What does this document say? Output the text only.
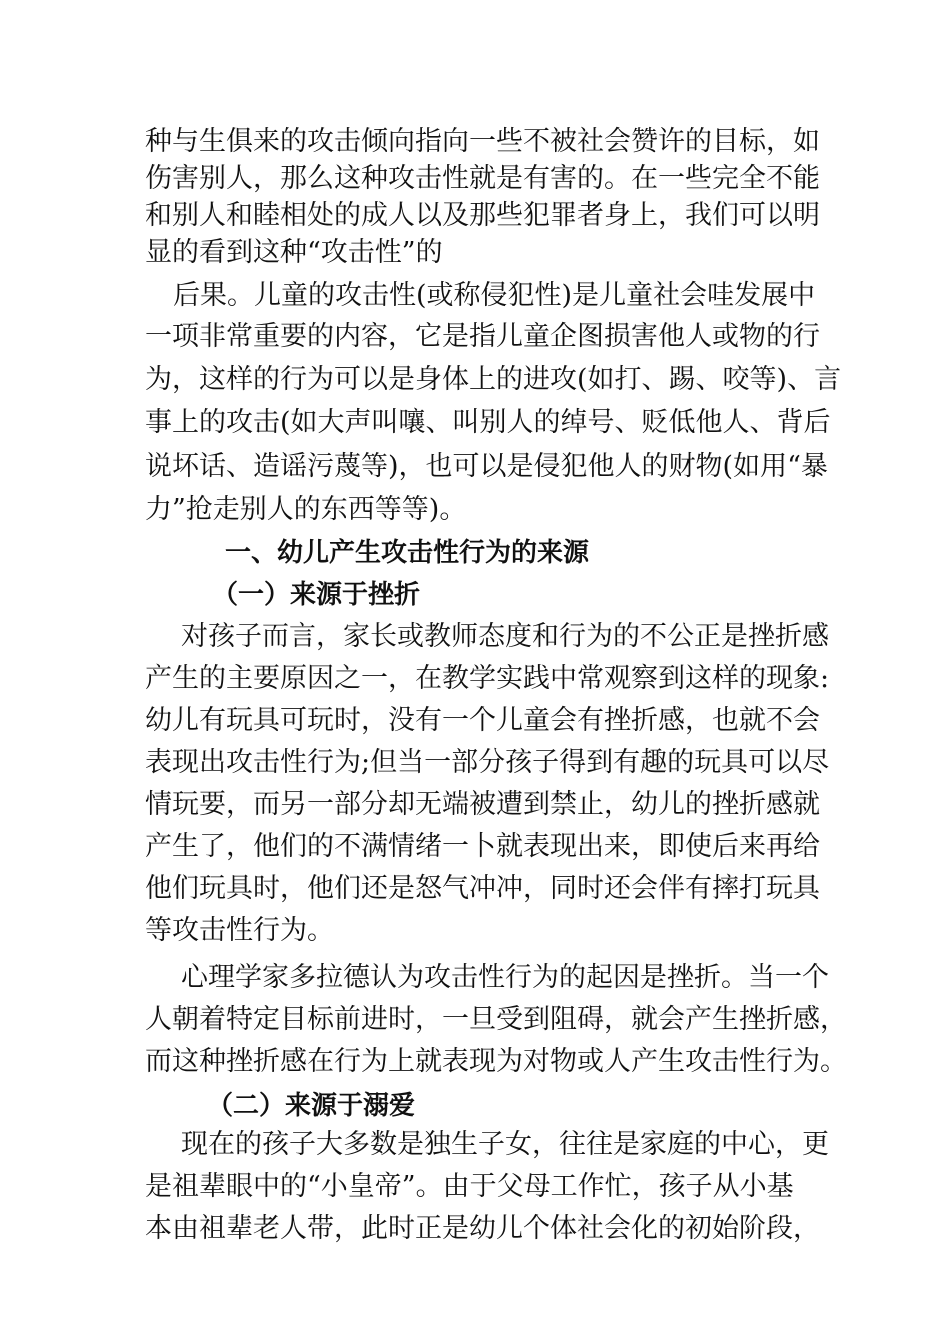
种与生俱来的攻击倾向指向一些不被社会赞许的目标，如
伤害别人，那么这种攻击性就是有害的。在一些完全不能
和别人和睦相处的成人以及那些犯罪者身上，我们可以明
显的看到这种“攻击性”的
后果。儿童的攻击性(或称侵犯性)是儿童社会哇发展中
一项非常重要的内容，它是指儿童企图损害他人或物的行
为，这样的行为可以是身体上的进攻(如打、踢、咬等)、言
事上的攻击(如大声叫嚷、叫别人的绰号、贬低他人、背后
说坏话、造谣污蔑等)，也可以是侵犯他人的财物(如用“暴
力”抢走别人的东西等等)。
一、幼儿产生攻击性行为的来源
（一）来源于挫折
对孩子而言，家长或教师态度和行为的不公正是挫折感
产生的主要原因之一，在教学实践中常观察到这样的现象:
幼儿有玩具可玩时，没有一个儿童会有挫折感，也就不会
表现出攻击性行为;但当一部分孩子得到有趣的玩具可以尽
情玩要，而另一部分却无端被遭到禁止，幼儿的挫折感就
产生了，他们的不满情绪一卜就表现出来，即使后来再给
他们玩具时，他们还是怒气冲冲，同时还会伴有摔打玩具
等攻击性行为。
心理学家多拉德认为攻击性行为的起因是挫折。当一个
人朝着特定目标前进时，一旦受到阻碍，就会产生挫折感，
而这种挫折感在行为上就表现为对物或人产生攻击性行为。
（二）来源于溺爱
现在的孩子大多数是独生子女，往往是家庭的中心，更
是祖辈眼中的“小皇帝”。由于父母工作忙，孩子从小基
本由祖辈老人带，此时正是幼儿个体社会化的初始阶段，
